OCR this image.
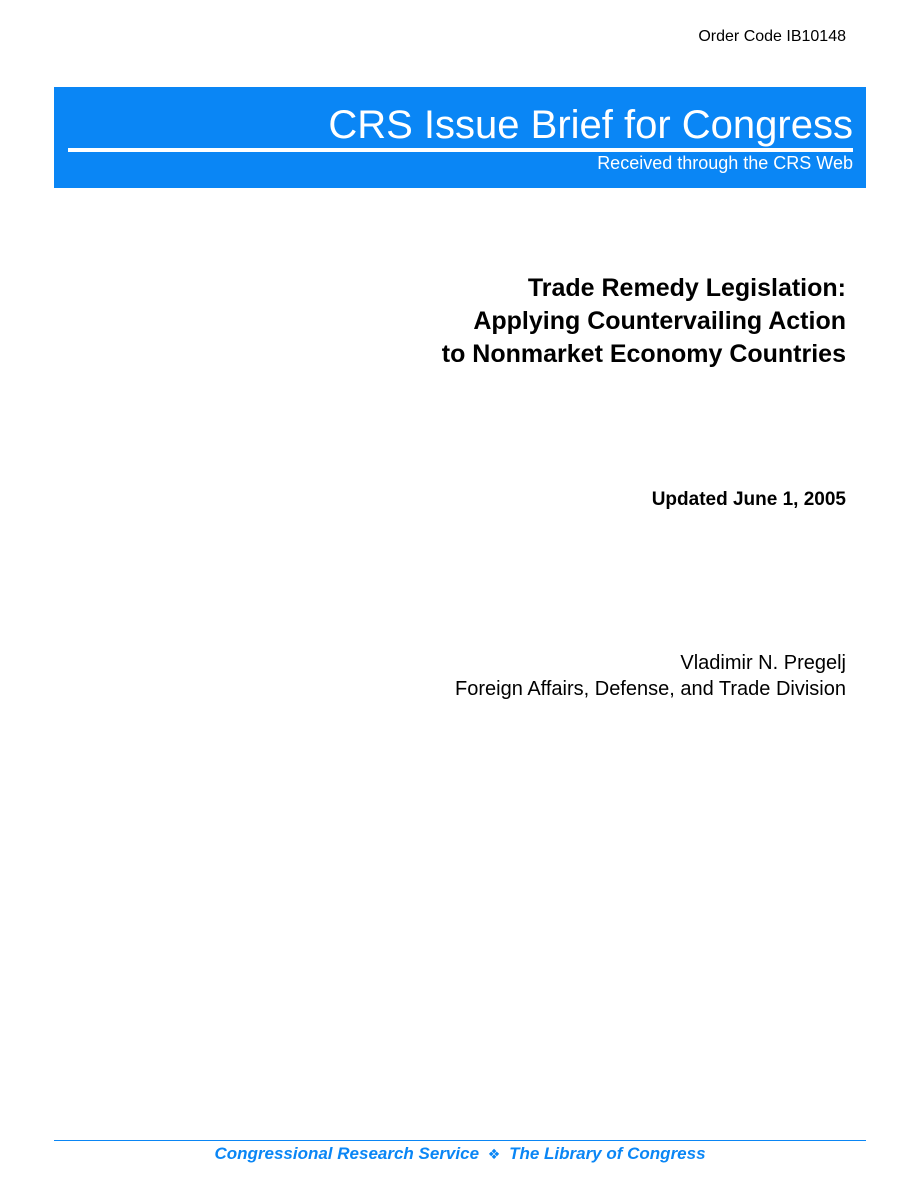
Order Code IB10148
CRS Issue Brief for Congress
Received through the CRS Web
Trade Remedy Legislation:
Applying Countervailing Action
to Nonmarket Economy Countries
Updated June 1, 2005
Vladimir N. Pregelj
Foreign Affairs, Defense, and Trade Division
Congressional Research Service ❖ The Library of Congress
